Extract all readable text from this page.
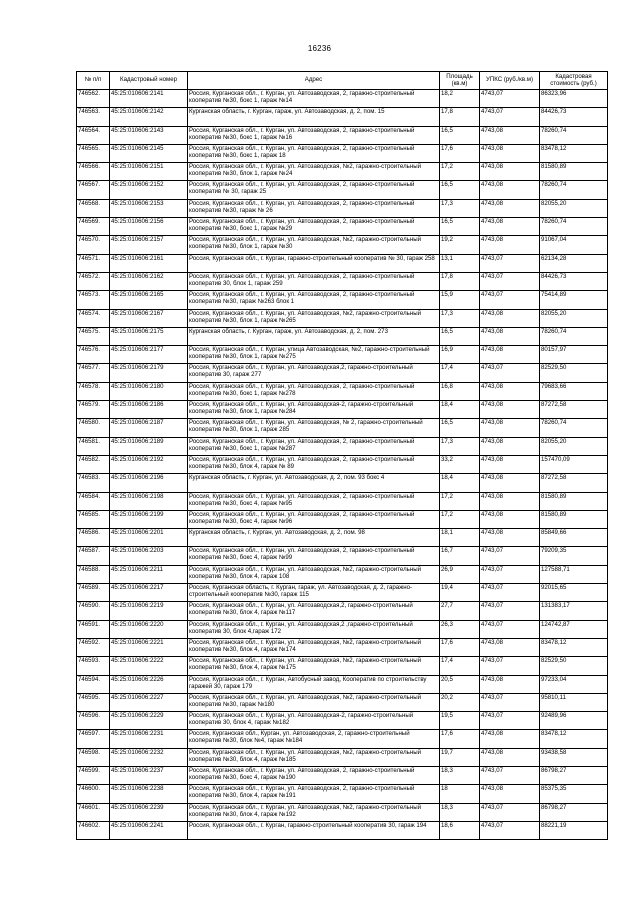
16236
№ п/п	Кадастровый номер	Адрес	Площадь (кв.м)	УПКС (руб./кв.м)	Кадастровая стоимость (руб.)
746562.	45:25:010606:2141	Россия, Курганская обл., г. Курган, ул. Автозаводская, 2, гаражно-строительный кооператив №30, бокс 1, гараж №14	18,2	4743,07	86323,96
746563.	45:25:010606:2142	Курганская область, г. Курган, гараж, ул. Автозаводская, д. 2, пом. 15	17,8	4743,07	84426,73
746564.	45:25:010606:2143	Россия, Курганская обл., г. Курган, ул. Автозаводская, 2, гаражно-строительный кооператив №30, бокс 1, гараж №16	16,5	4743,08	78260,74
746565.	45:25:010606:2145	Россия, Курганская обл., г. Курган, ул. Автозаводская, 2, гаражно-строительный кооператив №30, бокс 1, гараж 18	17,6	4743,08	83478,12
746566.	45:25:010606:2151	Россия, Курганская обл., г. Курган, ул. Автозаводская, №2, гаражно-строительный кооператив №30, блок 1, гараж №24	17,2	4743,08	81580,89
746567.	45:25:010606:2152	Россия, Курганская обл., г. Курган, ул. Автозаводская, 2, гаражно-строительный кооператив № 30, гараж 25	16,5	4743,08	78260,74
746568.	45:25:010606:2153	Россия, Курганская обл., г. Курган, ул. Автозаводская, 2, гаражно-строительный кооператив №30, гараж № 26	17,3	4743,08	82055,20
746569.	45:25:010606:2156	Россия, Курганская обл., г. Курган, ул. Автозаводская, 2, гаражно-строительный кооператив №30, бокс 1, гараж №29	16,5	4743,08	78260,74
746570.	45:25:010606:2157	Россия, Курганская обл., г. Курган, ул. Автозаводская, №2, гаражно-строительный кооператив №30, блок 1, гараж №30	19,2	4743,08	91067,04
746571.	45:25:010606:2161	Россия, Курганская обл., г. Курган, гаражно-строительный кооператив № 30, гараж 258	13,1	4743,07	62134,28
746572.	45:25:010606:2162	Россия, Курганская обл., г. Курган, ул. Автозаводская, 2, гаражно-строительный кооператив 30, блок 1, гараж 259	17,8	4743,07	84426,73
746573.	45:25:010606:2165	Россия, Курганская обл., г. Курган, ул. Автозаводская, 2, гаражно-строительный кооператив №30, гараж №263 блок 1	15,9	4743,07	75414,89
746574.	45:25:010606:2167	Россия, Курганская обл., г. Курган, ул. Автозаводская, №2, гаражно-строительный кооператив №30, блок 1, гараж №265	17,3	4743,08	82055,20
746575.	45:25:010606:2175	Курганская область, г. Курган, гараж, ул. Автозаводская, д. 2, пом. 273	16,5	4743,08	78260,74
746576.	45:25:010606:2177	Россия, Курганская обл., г. Курган, улица Автозаводская, №2, гаражно-строительный кооператив №30, блок 1, гараж №275	16,9	4743,08	80157,97
746577.	45:25:010606:2179	Россия, Курганская обл., г. Курган, ул. Автозаводская,2, гаражно-строительный кооператив 30, гараж 277	17,4	4743,07	82529,50
746578.	45:25:010606:2180	Россия, Курганская обл., г. Курган, ул. Автозаводская, 2, гаражно-строительный кооператив №30, бокс 1, гараж №278	16,8	4743,08	79683,66
746579.	45:25:010606:2186	Россия, Курганская обл., г. Курган, ул. Автозаводская-2, гаражно-строительный кооператив №30, блок 1, гараж №284	18,4	4743,08	87272,58
746580.	45:25:010606:2187	Россия, Курганская обл., г. Курган, ул. Автозаводская, № 2, гаражно-строительный кооператив №30, блок 1, гараж 285	16,5	4743,08	78260,74
746581.	45:25:010606:2189	Россия, Курганская обл., г. Курган, ул. Автозаводская, 2, гаражно-строительный кооператив №30, бокс 1, гараж №287	17,3	4743,08	82055,20
746582.	45:25:010606:2192	Россия, Курганская обл., г. Курган, ул. Автозаводская, 2, гаражно-строительный кооператив №30, блок 4, гараж № 89	33,2	4743,08	157470,09
746583.	45:25:010606:2196	Курганская область, г. Курган, ул. Автозаводская, д. 2, пом. 93 бокс 4	18,4	4743,08	87272,58
746584.	45:25:010606:2198	Россия, Курганская обл., г. Курган, ул. Автозаводская, 2, гаражно-строительный кооператив №30, бокс 4, гараж №95	17,2	4743,08	81580,89
746585.	45:25:010606:2199	Россия, Курганская обл., г. Курган, ул. Автозаводская, 2, гаражно-строительный кооператив №30, бокс 4, гараж №96	17,2	4743,08	81580,89
746586.	45:25:010606:2201	Курганская область, г. Курган, ул. Автозаводская, д. 2, пом. 98	18,1	4743,08	85849,66
746587.	45:25:010606:2203	Россия, Курганская обл., г. Курган, ул. Автозаводская, 2, гаражно-строительный кооператив №30, бокс 4, гараж №99	16,7	4743,07	79209,35
746588.	45:25:010606:2211	Россия, Курганская обл., г. Курган, ул. Автозаводская, №2, гаражно-строительный кооператив №30, блок 4, гараж 108	26,9	4743,07	127588,71
746589.	45:25:010606:2217	Россия, Курганская область, г. Курган, гараж, ул. Автозаводская, д. 2, гаражно-строительный кооператив №30, гараж 115	19,4	4743,07	92015,65
746590.	45:25:010606:2219	Россия, Курганская обл., г. Курган, ул. Автозаводская,2, гаражно-строительный кооператив №30, блок 4, гараж №117	27,7	4743,07	131383,17
746591.	45:25:010606:2220	Россия, Курганская обл., г. Курган, ул. Автозаводская,2 ,гаражно-строительный кооператив 30, блок 4,гараж 172	26,3	4743,07	124742,87
746592.	45:25:010606:2221	Россия, Курганская обл., г. Курган, ул. Автозаводская, №2, гаражно-строительный кооператив №30, блок 4, гараж №174	17,6	4743,08	83478,12
746593.	45:25:010606:2222	Россия, Курганская обл., г. Курган, ул. Автозаводская, №2, гаражно-строительный кооператив №30, блок 4, гараж №175	17,4	4743,07	82529,50
746594.	45:25:010606:2226	Россия, Курганская обл., г. Курган, Автобусный завод, Кооператив по строительству гаражей 30, гараж 179	20,5	4743,08	97233,04
746595.	45:25:010606:2227	Россия, Курганская обл., г. Курган, ул. Автозаводская, №2, гаражно-строительный кооператив №30, гараж №180	20,2	4743,07	95810,11
746596.	45:25:010606:2229	Россия, Курганская обл., г. Курган, ул. Автозаводская-2, гаражно-строительный кооператив 30, блок 4, гараж №182	19,5	4743,07	92489,96
746597.	45:25:010606:2231	Россия, Курганская обл., Курган, ул. Автозаводская, 2, гаражно-строительный кооператив №30, блок №4, гараж №184	17,6	4743,08	83478,12
746598.	45:25:010606:2232	Россия, Курганская обл., г. Курган, ул. Автозаводская, №2, гаражно-строительный кооператив №30, блок 4, гараж №185	19,7	4743,08	93438,58
746599.	45:25:010606:2237	Россия, Курганская обл., г. Курган, ул. Автозаводская, 2, гаражно-строительный кооператив №30, бокс 4, гараж №190	18,3	4743,07	86798,27
746600.	45:25:010606:2238	Россия, Курганская обл., г. Курган, ул. Автозаводская, 2, гаражно-строительный кооператив №30, блок 4, гараж №191	18	4743,08	85375,35
746601.	45:25:010606:2239	Россия, Курганская обл., г. Курган, ул. Автозаводская, №2, гаражно-строительный кооператив №30, блок 4, гараж №192	18,3	4743,07	86798,27
746602.	45:25:010606:2241	Россия, Курганская обл., г. Курган, гаражно-строительный кооператив 30, гараж 194	18,6	4743,07	88221,19
